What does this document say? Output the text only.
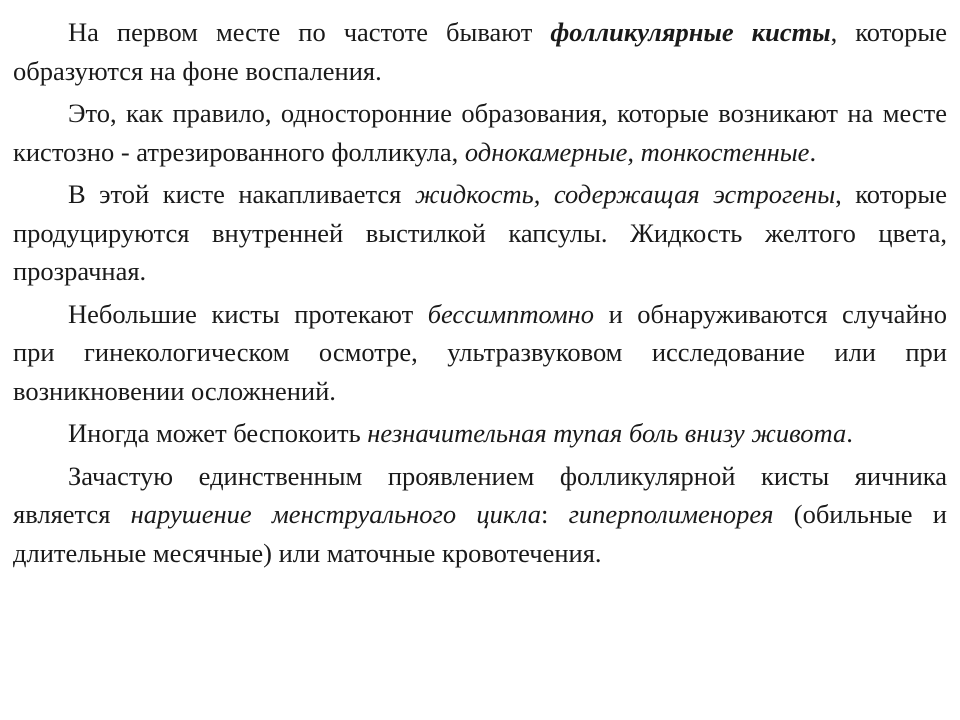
На первом месте по частоте бывают фолликулярные кисты, которые образуются на фоне воспаления.

Это, как правило, односторонние образования, которые возникают на месте кистозно - атрезированного фолликула, однокамерные, тонкостенные.

В этой кисте накапливается жидкость, содержащая эстрогены, которые продуцируются внутренней выстилкой капсулы. Жидкость желтого цвета, прозрачная.

Небольшие кисты протекают бессимптомно и обнаруживаются случайно при гинекологическом осмотре, ультразвуковом исследование или при возникновении осложнений.

Иногда может беспокоить незначительная тупая боль внизу живота.

Зачастую единственным проявлением фолликулярной кисты яичника является нарушение менструального цикла: гиперполименорея (обильные и длительные месячные) или маточные кровотечения.
